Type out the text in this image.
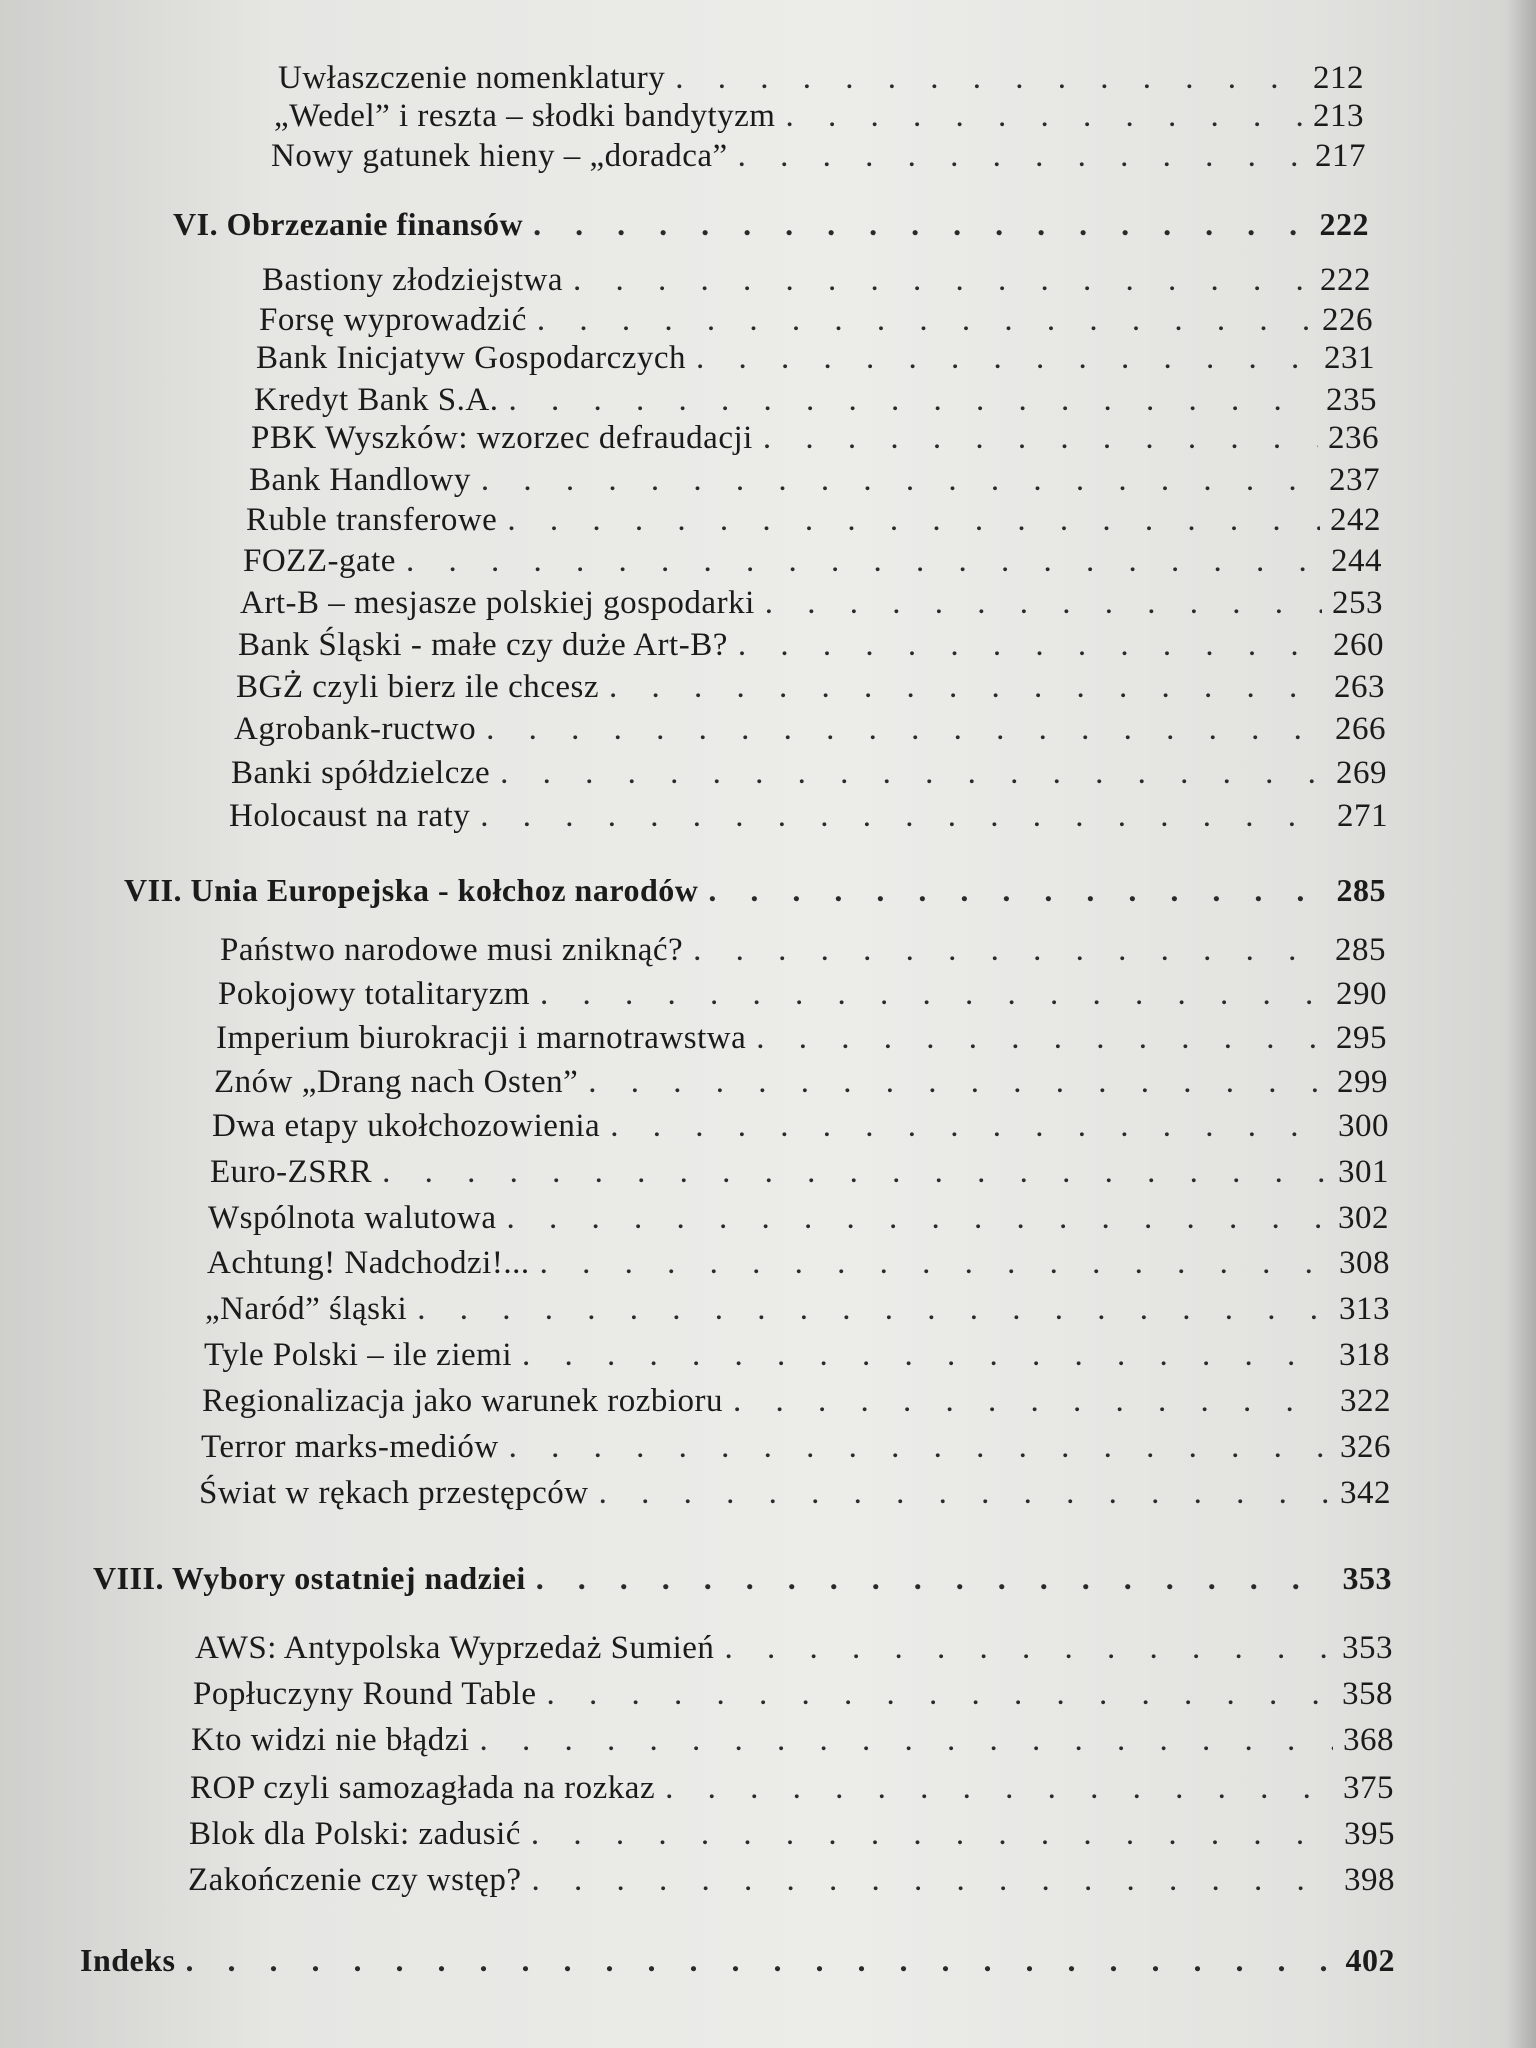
Uwłaszczenie nomenklatury . . .	212
„Wedel” i reszta – słodki bandytyzm . . .	213
Nowy gatunek hieny – „doradca” . . .	217
VI. Obrzezanie finansów . . .	222
Bastiony złodziejstwa . . .	222
Forsę wyprowadzić . . .	226
Bank Inicjatyw Gospodarczych . . .	231
Kredyt Bank S.A. . . .	235
PBK Wyszków: wzorzec defraudacji . . .	236
Bank Handlowy . . .	237
Ruble transferowe . . .	242
FOZZ-gate . . .	244
Art-B – mesjasze polskiej gospodarki . . .	253
Bank Śląski - małe czy duże Art-B? . . .	260
BGŻ czyli bierz ile chcesz . . .	263
Agrobank-ructwo . . .	266
Banki spółdzielcze . . .	269
Holocaust na raty . . .	271
VII. Unia Europejska - kołchoz narodów . . .	285
Państwo narodowe musi zniknąć? . . .	285
Pokojowy totalitaryzm . . .	290
Imperium biurokracji i marnotrawstwa . . .	295
Znów „Drang nach Osten” . . .	299
Dwa etapy ukołchozowienia . . .	300
Euro-ZSRR . . .	301
Wspólnota walutowa . . .	302
Achtung! Nadchodzi!... . . .	308
„Naród” śląski . . .	313
Tyle Polski – ile ziemi . . .	318
Regionalizacja jako warunek rozbioru . . .	322
Terror marks-mediów . . .	326
Świat w rękach przestępców . . .	342
VIII. Wybory ostatniej nadziei . . .	353
AWS: Antypolska Wyprzedaż Sumień . . .	353
Popłuczyny Round Table . . .	358
Kto widzi nie błądzi . . .	368
ROP czyli samozagłada na rozkaz . . .	375
Blok dla Polski: zadusić . . .	395
Zakończenie czy wstęp? . . .	398
Indeks . . .	402
